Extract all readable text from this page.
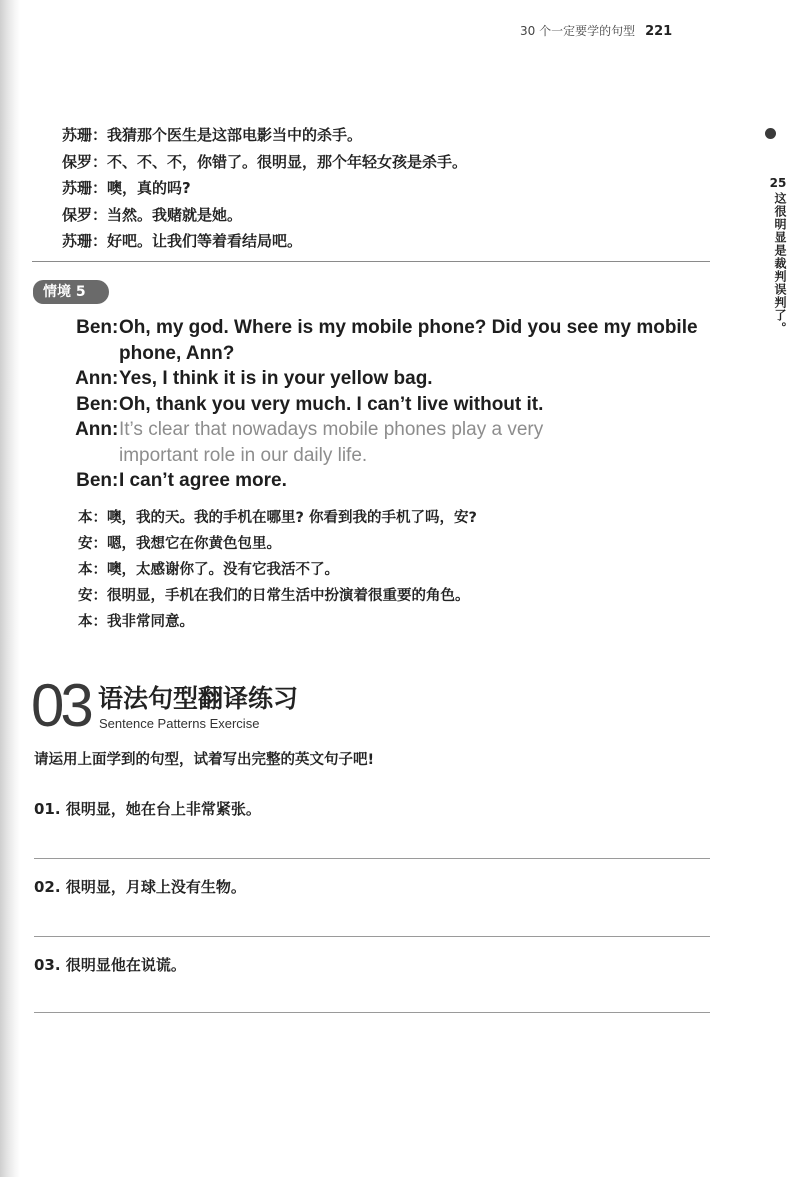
30 个一定要学的句型 221
25
这很明显是裁判误判了。
苏珊：我猜那个医生是这部电影当中的杀手。
保罗：不、不、不，你错了。很明显，那个年轻女孩是杀手。
苏珊：噢，真的吗?
保罗：当然。我赌就是她。
苏珊：好吧。让我们等着看结局吧。
情境 5
Ben : Oh, my god. Where is my mobile phone? Did you see my mobile
phone, Ann?
Ann : Yes, I think it is in your yellow bag.
Ben : Oh, thank you very much. I can’t live without it.
Ann : It’s clear that nowadays mobile phones play a very
important role in our daily life.
Ben : I can’t agree more.
本：噢，我的天。我的手机在哪里? 你看到我的手机了吗，安?
安：嗯，我想它在你黄色包里。
本：噢，太感谢你了。没有它我活不了。
安：很明显，手机在我们的日常生活中扮演着很重要的角色。
本：我非常同意。
03 语法句型翻译练习
Sentence Patterns Exercise
请运用上面学到的句型，试着写出完整的英文句子吧!
01. 很明显，她在台上非常紧张。
02. 很明显，月球上没有生物。
03. 很明显他在说谎。
